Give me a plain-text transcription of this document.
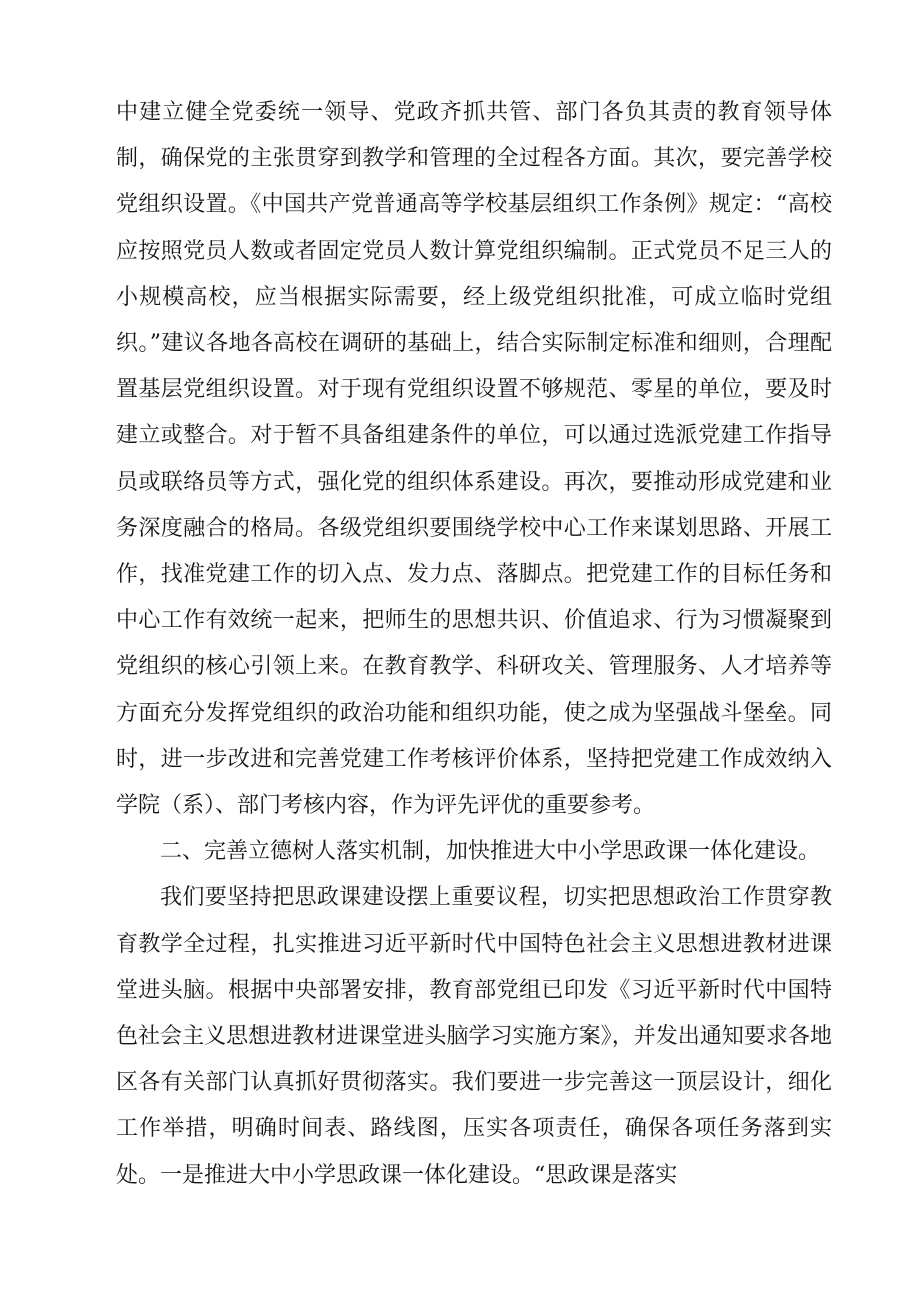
中建立健全党委统一领导、党政齐抓共管、部门各负其责的教育领导体制，确保党的主张贯穿到教学和管理的全过程各方面。其次，要完善学校党组织设置。《中国共产党普通高等学校基层组织工作条例》规定：“高校应按照党员人数或者固定党员人数计算党组织编制。正式党员不足三人的小规模高校，应当根据实际需要，经上级党组织批准，可成立临时党组织。”建议各地各高校在调研的基础上，结合实际制定标准和细则，合理配置基层党组织设置。对于现有党组织设置不够规范、零星的单位，要及时建立或整合。对于暂不具备组建条件的单位，可以通过选派党建工作指导员或联络员等方式，强化党的组织体系建设。再次，要推动形成党建和业务深度融合的格局。各级党组织要围绕学校中心工作来谋划思路、开展工作，找准党建工作的切入点、发力点、落脚点。把党建工作的目标任务和中心工作有效统一起来，把师生的思想共识、价值追求、行为习惯凝聚到党组织的核心引领上来。在教育教学、科研攻关、管理服务、人才培养等方面充分发挥党组织的政治功能和组织功能，使之成为坚强战斗堡垒。同时，进一步改进和完善党建工作考核评价体系，坚持把党建工作成效纳入学院（系）、部门考核内容，作为评先评优的重要参考。

二、完善立德树人落实机制，加快推进大中小学思政课一体化建设。

我们要坚持把思政课建设摆上重要议程，切实把思想政治工作贯穿教育教学全过程，扎实推进习近平新时代中国特色社会主义思想进教材进课堂进头脑。根据中央部署安排，教育部党组已印发《习近平新时代中国特色社会主义思想进教材进课堂进头脑学习实施方案》，并发出通知要求各地区各有关部门认真抓好贯彻落实。我们要进一步完善这一顶层设计，细化工作举措，明确时间表、路线图，压实各项责任，确保各项任务落到实处。一是推进大中小学思政课一体化建设。“思政课是落实
